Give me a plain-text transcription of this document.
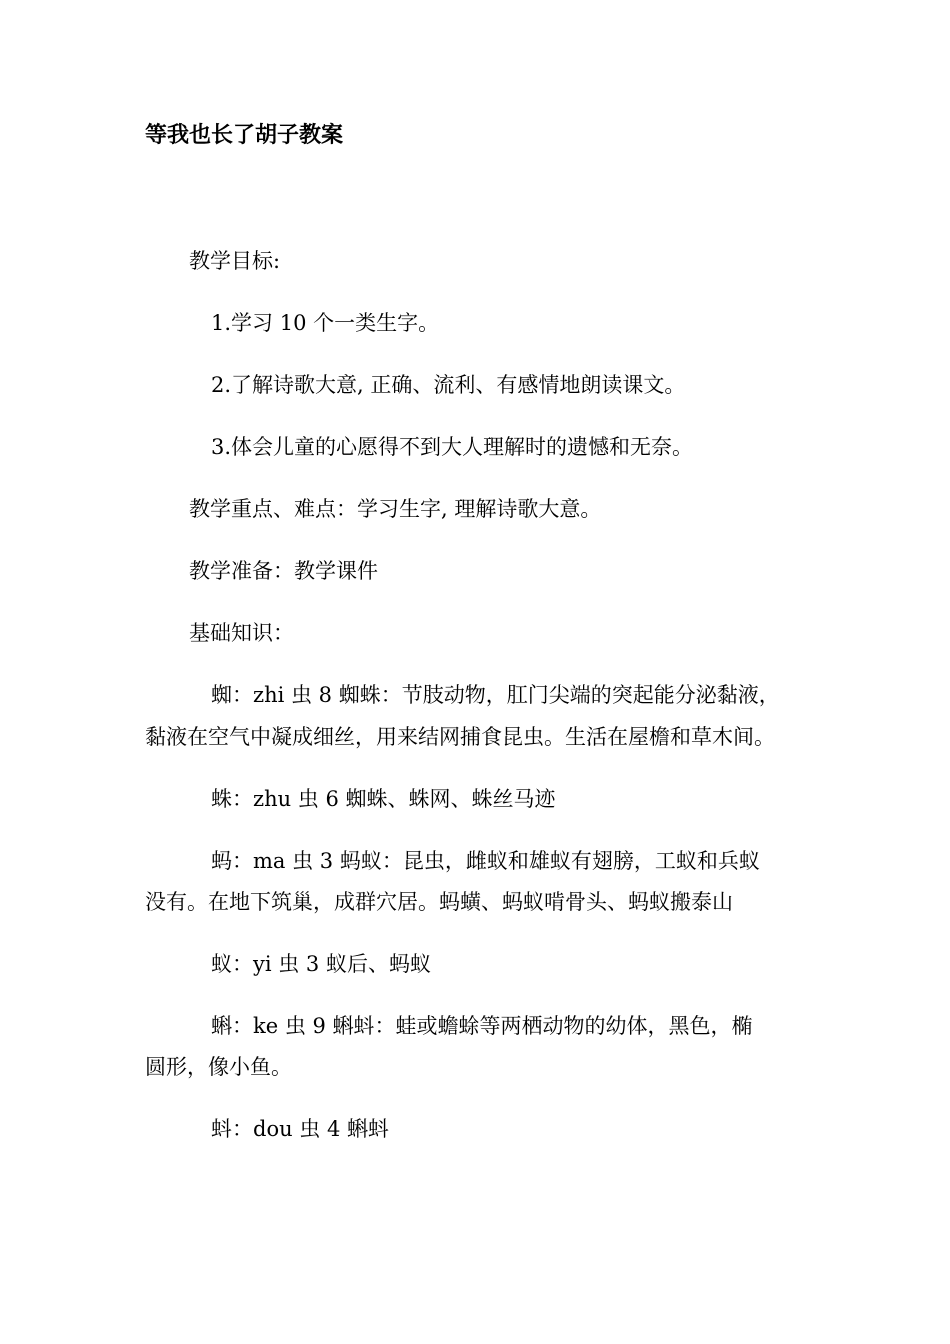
等我也长了胡子教案
教学目标:
1.学习 10 个一类生字。
2.了解诗歌大意, 正确、流利、有感情地朗读课文。
3.体会儿童的心愿得不到大人理解时的遗憾和无奈。
教学重点、难点：学习生字, 理解诗歌大意。
教学准备：教学课件
基础知识：
蜘：zhi 虫 8 蜘蛛：节肢动物，肛门尖端的突起能分泌黏液，
黏液在空气中凝成细丝，用来结网捕食昆虫。生活在屋檐和草木间。
蛛：zhu 虫 6 蜘蛛、蛛网、蛛丝马迹
蚂：ma 虫 3 蚂蚁：昆虫，雌蚁和雄蚁有翅膀，工蚁和兵蚁
没有。在地下筑巢，成群穴居。蚂蟥、蚂蚁啃骨头、蚂蚁搬泰山
蚁：yi 虫 3 蚁后、蚂蚁
蝌：ke 虫 9 蝌蚪：蛙或蟾蜍等两栖动物的幼体，黑色，椭
圆形，像小鱼。
蚪：dou 虫 4 蝌蚪
